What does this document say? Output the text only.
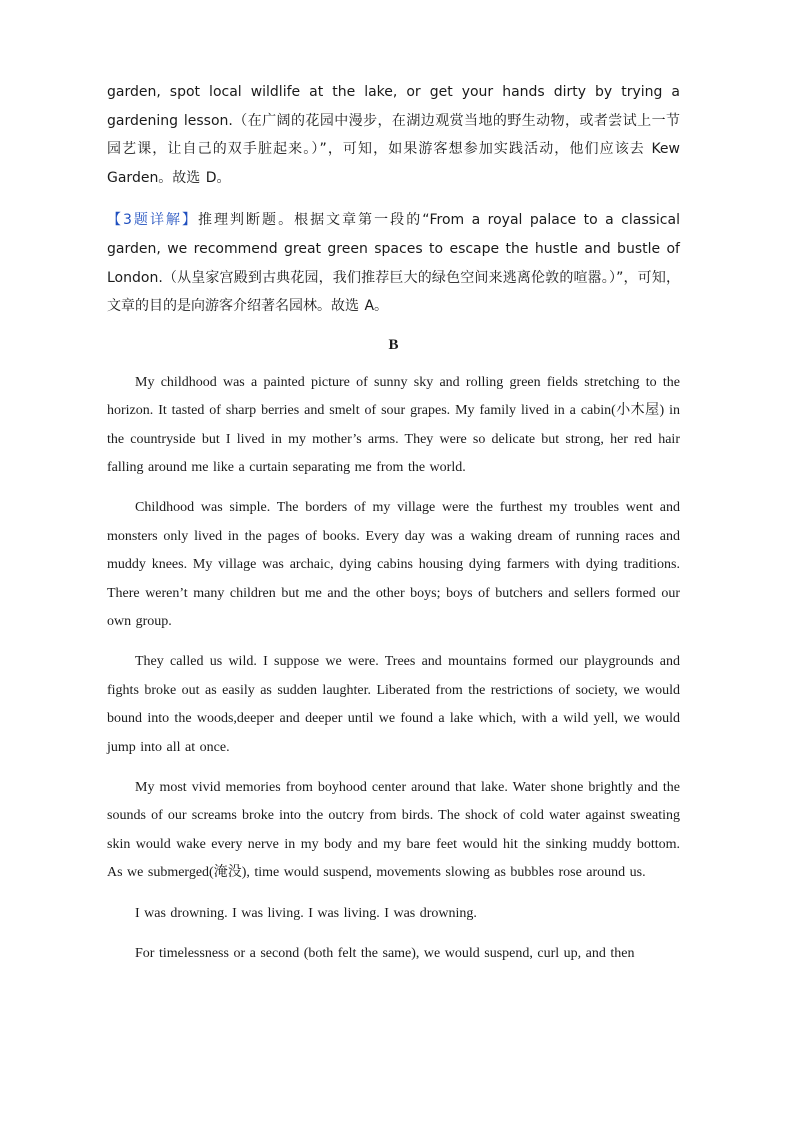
garden, spot local wildlife at the lake, or get your hands dirty by trying a gardening lesson.（在广阔的花园中漫步，在湖边观赏当地的野生动物，或者尝试上一节园艺课，让自己的双手脏起来。）”，可知，如果游客想参加实践活动，他们应该去 Kew Garden。故选 D。

【3题详解】推理判断题。根据文章第一段的“From a royal palace to a classical garden, we recommend great green spaces to escape the hustle and bustle of London.（从皇家宫殿到古典花园，我们推荐巨大的绿色空间来逃离伦敦的喧嚣。）”，可知，文章的目的是向游客介绍著名园林。故选 A。

B

My childhood was a painted picture of sunny sky and rolling green fields stretching to the horizon. It tasted of sharp berries and smelt of sour grapes. My family lived in a cabin(小木屋) in the countryside but I lived in my mother’s arms. They were so delicate but strong, her red hair falling around me like a curtain separating me from the world.

Childhood was simple. The borders of my village were the furthest my troubles went and monsters only lived in the pages of books. Every day was a waking dream of running races and muddy knees. My village was archaic, dying cabins housing dying farmers with dying traditions. There weren’t many children but me and the other boys; boys of butchers and sellers formed our own group.

They called us wild. I suppose we were. Trees and mountains formed our playgrounds and fights broke out as easily as sudden laughter. Liberated from the restrictions of society, we would bound into the woods,deeper and deeper until we found a lake which, with a wild yell, we would jump into all at once.

My most vivid memories from boyhood center around that lake. Water shone brightly and the sounds of our screams broke into the outcry from birds. The shock of cold water against sweating skin would wake every nerve in my body and my bare feet would hit the sinking muddy bottom. As we submerged(淹没), time would suspend, movements slowing as bubbles rose around us.

I was drowning. I was living. I was living. I was drowning.

For timelessness or a second (both felt the same), we would suspend, curl up, and then
